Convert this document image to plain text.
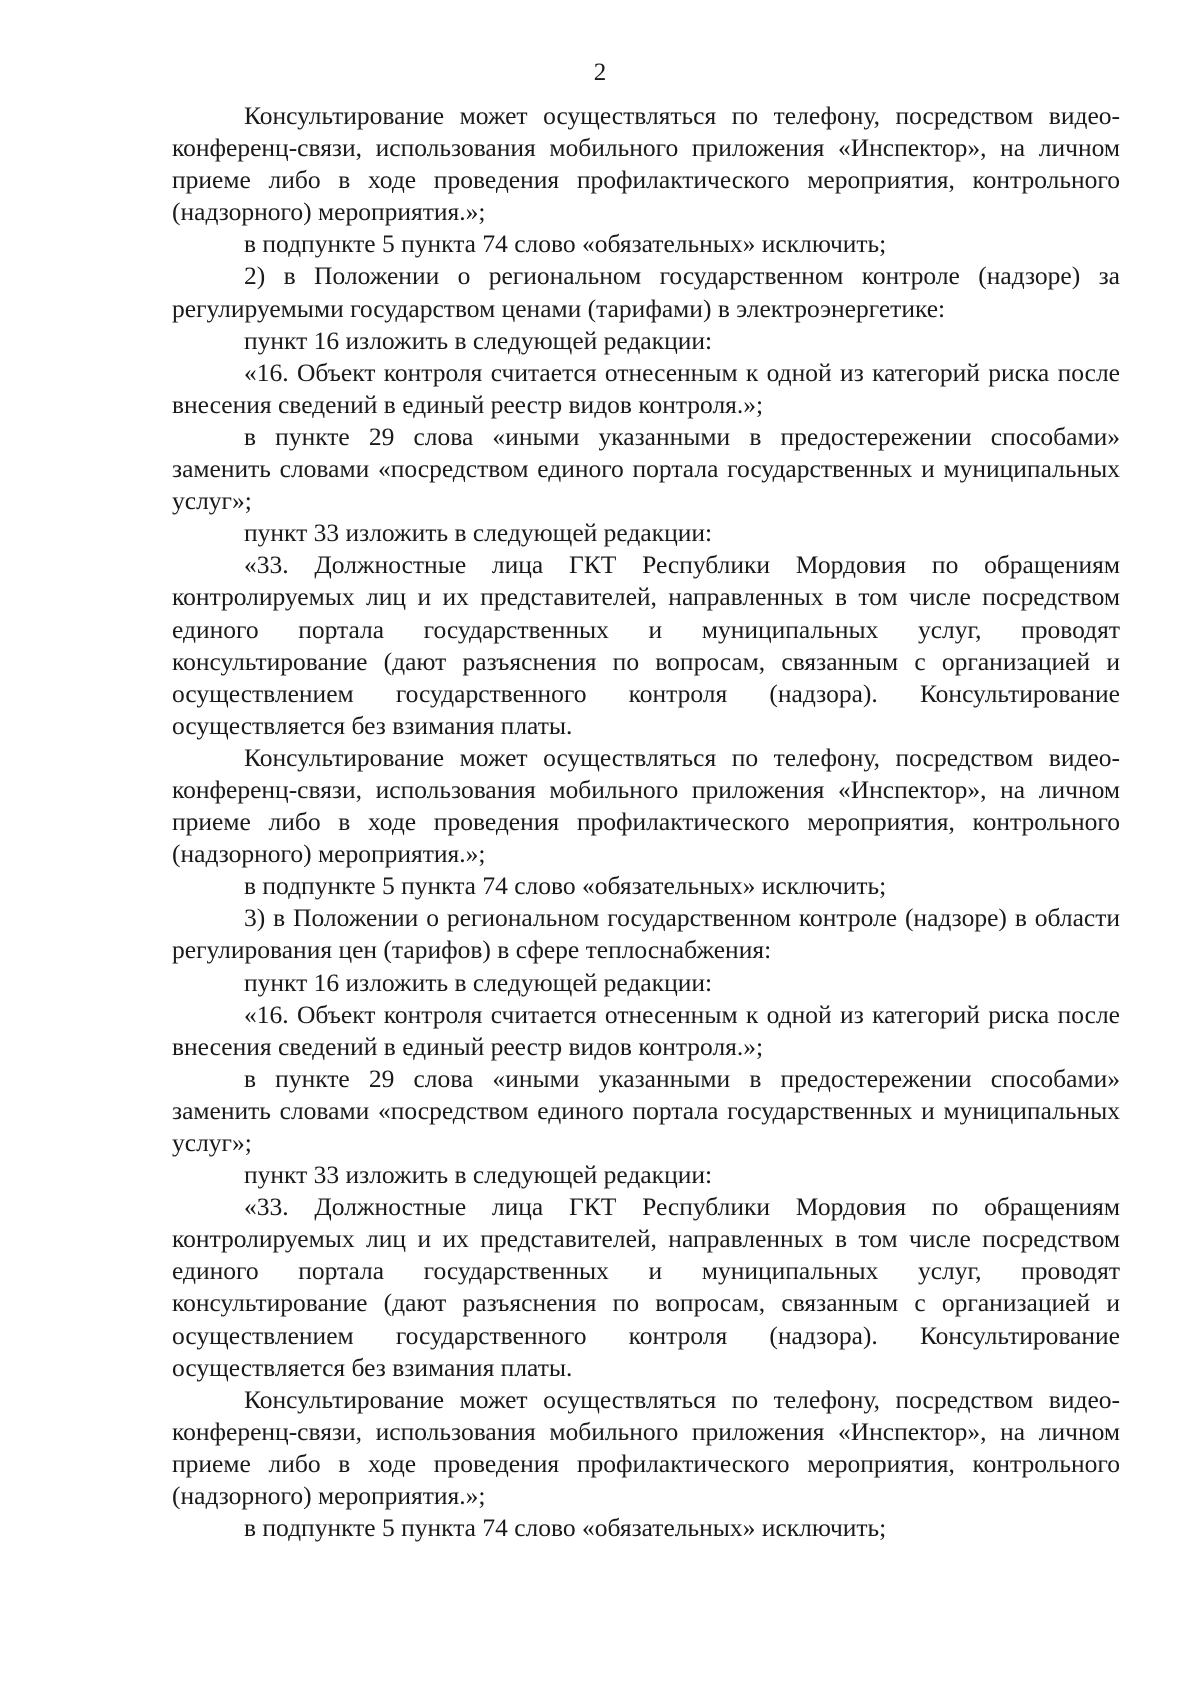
2

Консультирование может осуществляться по телефону, посредством видео-конференц-связи, использования мобильного приложения «Инспектор», на личном приеме либо в ходе проведения профилактического мероприятия, контрольного (надзорного) мероприятия.»;

в подпункте 5 пункта 74 слово «обязательных» исключить;

2) в Положении о региональном государственном контроле (надзоре) за регулируемыми государством ценами (тарифами) в электроэнергетике:

пункт 16 изложить в следующей редакции:

«16. Объект контроля считается отнесенным к одной из категорий риска после внесения сведений в единый реестр видов контроля.»;

в пункте 29 слова «иными указанными в предостережении способами» заменить словами «посредством единого портала государственных и муниципальных услуг»;

пункт 33 изложить в следующей редакции:

«33. Должностные лица ГКТ Республики Мордовия по обращениям контролируемых лиц и их представителей, направленных в том числе посредством единого портала государственных и муниципальных услуг, проводят консультирование (дают разъяснения по вопросам, связанным с организацией и осуществлением государственного контроля (надзора). Консультирование осуществляется без взимания платы.

Консультирование может осуществляться по телефону, посредством видео-конференц-связи, использования мобильного приложения «Инспектор», на личном приеме либо в ходе проведения профилактического мероприятия, контрольного (надзорного) мероприятия.»;

в подпункте 5 пункта 74 слово «обязательных» исключить;

3) в Положении о региональном государственном контроле (надзоре) в области регулирования цен (тарифов) в сфере теплоснабжения:

пункт 16 изложить в следующей редакции:

«16. Объект контроля считается отнесенным к одной из категорий риска после внесения сведений в единый реестр видов контроля.»;

в пункте 29 слова «иными указанными в предостережении способами» заменить словами «посредством единого портала государственных и муниципальных услуг»;

пункт 33 изложить в следующей редакции:

«33. Должностные лица ГКТ Республики Мордовия по обращениям контролируемых лиц и их представителей, направленных в том числе посредством единого портала государственных и муниципальных услуг, проводят консультирование (дают разъяснения по вопросам, связанным с организацией и осуществлением государственного контроля (надзора). Консультирование осуществляется без взимания платы.

Консультирование может осуществляться по телефону, посредством видео-конференц-связи, использования мобильного приложения «Инспектор», на личном приеме либо в ходе проведения профилактического мероприятия, контрольного (надзорного) мероприятия.»;

в подпункте 5 пункта 74 слово «обязательных» исключить;
